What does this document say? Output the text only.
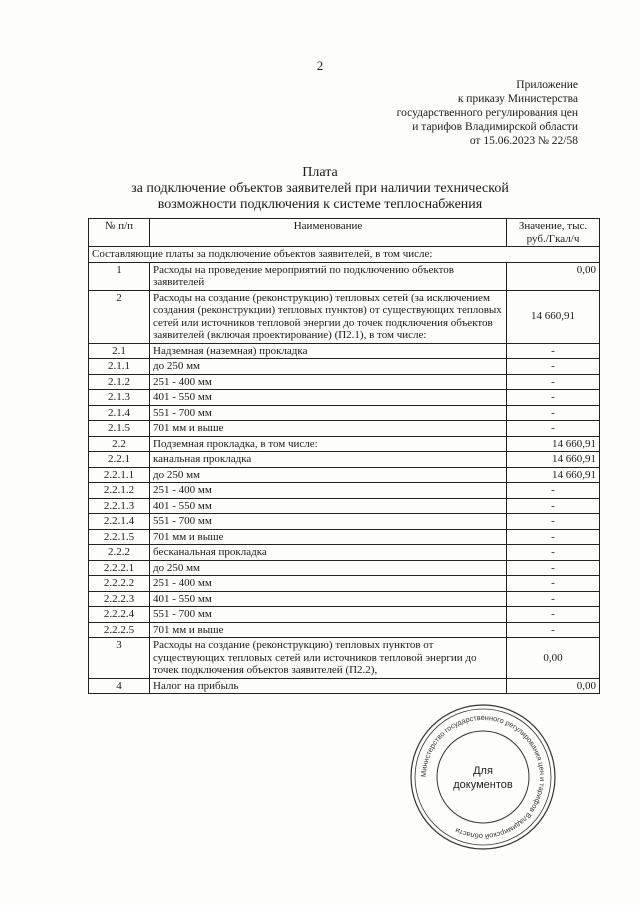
2
Приложение
к приказу Министерства
государственного регулирования цен
и тарифов Владимирской области
от 15.06.2023 № 22/58
Плата
за подключение объектов заявителей при наличии технической
возможности подключения к системе теплоснабжения
№ п/п	Наименование	Значение, тыс. руб./Гкал/ч
Составляющие платы за подключение объектов заявителей, в том числе:		
1	Расходы на проведение мероприятий по подключению объектов заявителей	0,00
2	Расходы на создание (реконструкцию) тепловых сетей (за исключением создания (реконструкции) тепловых пунктов) от существующих тепловых сетей или источников тепловой энергии до точек подключения объектов заявителей (включая проектирование) (П2.1), в том числе:	14 660,91
2.1	Надземная (наземная) прокладка	-
2.1.1	до 250 мм	-
2.1.2	251 - 400 мм	-
2.1.3	401 - 550 мм	-
2.1.4	551 - 700 мм	-
2.1.5	701 мм и выше	-
2.2	Подземная прокладка, в том числе:	14 660,91
2.2.1	канальная прокладка	14 660,91
2.2.1.1	до 250 мм	14 660,91
2.2.1.2	251 - 400 мм	-
2.2.1.3	401 - 550 мм	-
2.2.1.4	551 - 700 мм	-
2.2.1.5	701 мм и выше	-
2.2.2	бесканальная прокладка	-
2.2.2.1	до 250 мм	-
2.2.2.2	251 - 400 мм	-
2.2.2.3	401 - 550 мм	-
2.2.2.4	551 - 700 мм	-
2.2.2.5	701 мм и выше	-
3	Расходы на создание (реконструкцию) тепловых пунктов от существующих тепловых сетей или источников тепловой энергии до точек подключения объектов заявителей (П2.2),	0,00
4	Налог на прибыль	0,00
Министерство государственного регулирования цен и тарифов Владимирской области
Для
документов
